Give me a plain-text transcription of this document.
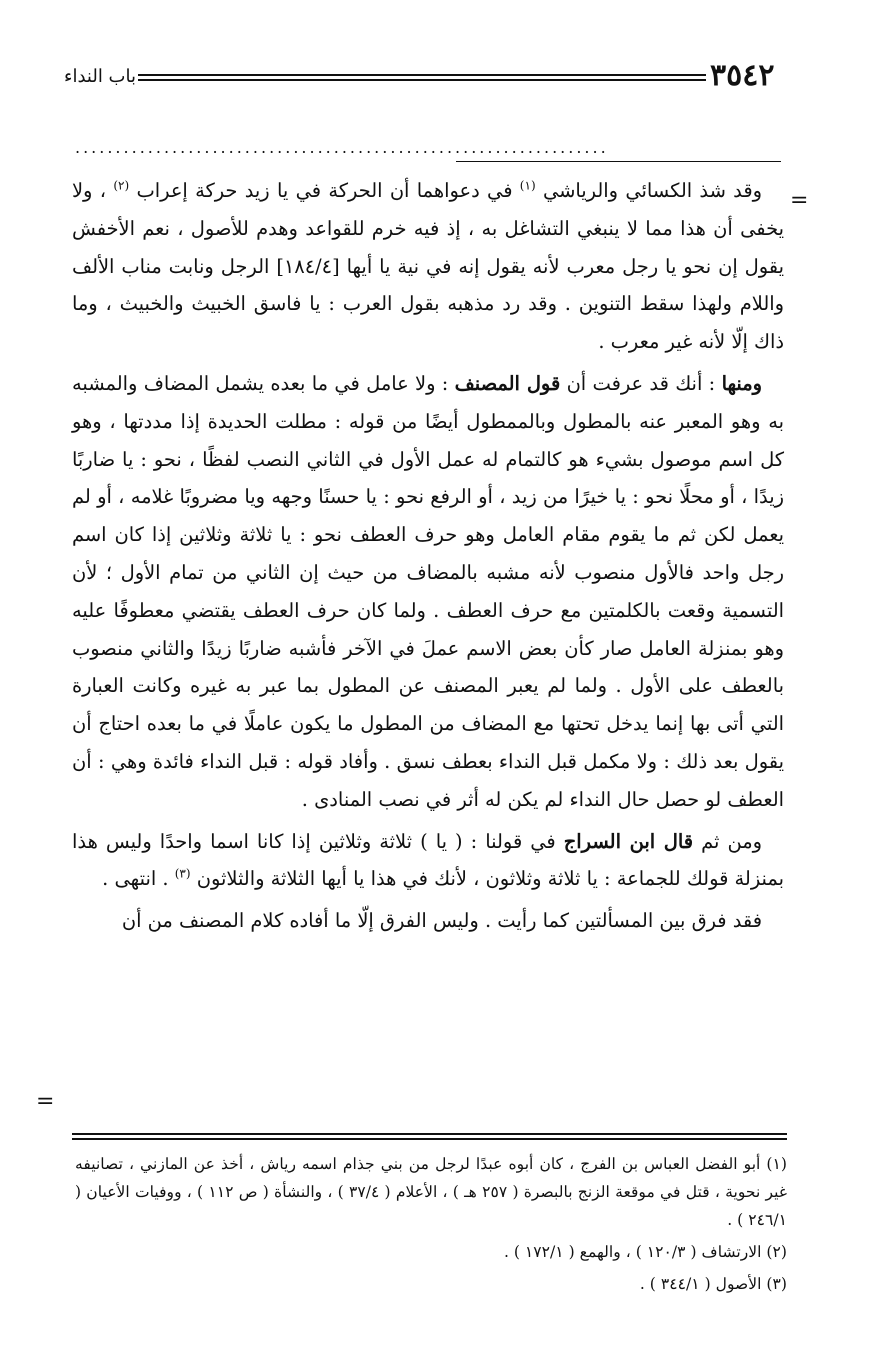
٣٥٤٢
باب النداء
..................................................................
=

وقد شذ الكسائي والرياشي $^{(١)}$ في دعواهما أن الحركة في يا زيد حركة إعراب $^{(٢)}$ ، ولا يخفى أن هذا مما لا ينبغي التشاغل به ، إذ فيه خرم للقواعد وهدم للأصول ، نعم الأخفش يقول إن نحو يا رجل معرب لأنه يقول إنه في نية يا أيها [١٨٤/٤] الرجل ونابت مناب الألف واللام ولهذا سقط التنوين . وقد رد مذهبه بقول العرب : يا فاسق الخبيث والخبيث ، وما ذاك إلّا لأنه غير معرب .

ومنها : أنك قد عرفت أن قول المصنف : ولا عامل في ما بعده يشمل المضاف والمشبه به وهو المعبر عنه بالمطول وبالممطول أيضًا من قوله : مطلت الحديدة إذا مددتها ، وهو كل اسم موصول بشيء هو كالتمام له عمل الأول في الثاني النصب لفظًا ، نحو : يا ضاربًا زيدًا ، أو محلًا نحو : يا خيرًا من زيد ، أو الرفع نحو : يا حسنًا وجهه ويا مضروبًا غلامه ، أو لم يعمل لكن ثم ما يقوم مقام العامل وهو حرف العطف نحو : يا ثلاثة وثلاثين إذا كان اسم رجل واحد فالأول منصوب لأنه مشبه بالمضاف من حيث إن الثاني من تمام الأول ؛ لأن التسمية وقعت بالكلمتين مع حرف العطف . ولما كان حرف العطف يقتضي معطوفًا عليه وهو بمنزلة العامل صار كأن بعض الاسم عملَ في الآخر فأشبه ضاربًا زيدًا والثاني منصوب بالعطف على الأول . ولما لم يعبر المصنف عن المطول بما عبر به غيره وكانت العبارة التي أتى بها إنما يدخل تحتها مع المضاف من المطول ما يكون عاملًا في ما بعده احتاج أن يقول بعد ذلك : ولا مكمل قبل النداء بعطف نسق . وأفاد قوله : قبل النداء فائدة وهي : أن العطف لو حصل حال النداء لم يكن له أثر في نصب المنادى .

ومن ثم قال ابن السراج في قولنا : ( يا ) ثلاثة وثلاثين إذا كانا اسما واحدًا وليس هذا بمنزلة قولك للجماعة : يا ثلاثة وثلاثون ، لأنك في هذا يا أيها الثلاثة والثلاثون $^{(٣)}$ . انتهى .

فقد فرق بين المسألتين كما رأيت . وليس الفرق إلّا ما أفاده كلام المصنف من أن

=

(١) أبو الفضل العباس بن الفرج ، كان أبوه عبدًا لرجل من بني جذام اسمه رياش ، أخذ عن المازني ، تصانيفه غير نحوية ، قتل في موقعة الزنج بالبصرة ( ٢٥٧ هـ ) ، الأعلام ( ٣٧/٤ ) ، والنشأة ( ص ١١٢ ) ، ووفيات الأعيان ( ٢٤٦/١ ) .

(٢) الارتشاف ( ١٢٠/٣ ) ، والهمع ( ١٧٢/١ ) .

(٣) الأصول ( ٣٤٤/١ ) .
